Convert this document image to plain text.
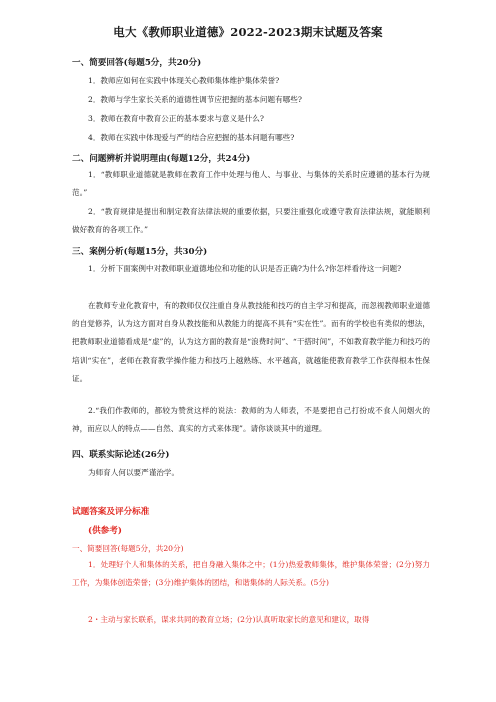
电大《教师职业道德》2022-2023期末试题及答案
一、简要回答(每题5分，共20分)
1．教师应如何在实践中体现关心教师集体维护集体荣誉?
2．教师与学生家长关系的道德性调节应把握的基本问题有哪些?
3．教师在教育中教育公正的基本要求与意义是什么?
4．教师在实践中体现爱与严的结合应把握的基本问题有哪些?
二、问题辨析并说明理由(每题12分，共24分)

1．“教师职业道德就是教师在教育工作中处理与他人、与事业、与集体的关系时应遵循的基本行为规范。”

2．“教育规律是提出和制定教育法律法规的重要依据，只要注重强化或遵守教育法律法规，就能顺利做好教育的各项工作。”

三、案例分析(每题15分，共30分)

1．分析下面案例中对教师职业道德地位和功能的认识是否正确?为什么?你怎样看待这一问题?

在教师专业化教育中，有的教师仅仅注重自身从教技能和技巧的自主学习和提高，而忽视教师职业道德的自觉修养，认为这方面对自身从教技能和从教能力的提高不具有“实在性”。而有的学校也有类似的想法，把教师职业道德看成是“虚”的，认为这方面的教育是“浪费时间”、“干搭时间”，不如教育教学能力和技巧的培训“实在”，老师在教育教学操作能力和技巧上越熟练、水平越高，就越能使教育教学工作获得根本性保证。

2.“我们作教师的，都较为赞赏这样的说法：教师的为人师表，不是要把自己打扮成不食人间烟火的神，而应以人的特点——自然、真实的方式来体现”。请你谈谈其中的道理。

四、联系实际论述(26分)
为师育人何以要严谨治学。
试题答案及评分标准
(供参考)
一、简要回答(每题5分，共20分)

1．处理好个人和集体的关系，把自身融入集体之中；(1分)热爱教师集体，维护集体荣誉；(2分)努力工作，为集体创造荣誉；(3分)维护集体的团结，和谐集体的人际关系。(5分)

2・主动与家长联系，谋求共同的教育立场；(2分)认真听取家长的意见和建议，取得
